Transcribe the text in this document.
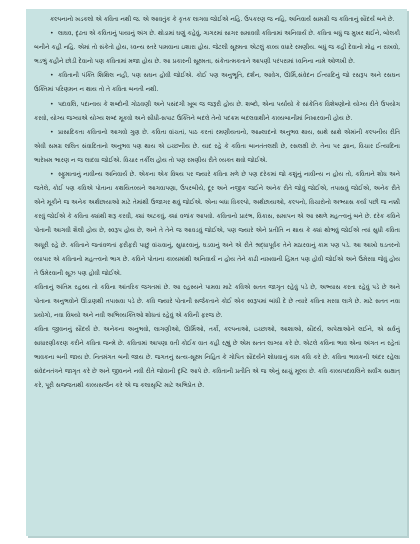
કલ્પનાનો ખડકલો એ કવિતા નથી જ. એ આવતુંક કે કૃતક લાગવા જોઈએ નહિ. ઉપકરણ જ નહિ, અનિવાર્ય સામગ્રી જ કવિતાનું સૌંદર્ય બને છે.

• લાઘવ, દૃઢતા એ કવિતાનું પાયાનું અંગ છે. થોડામાં ઘણું કહેવું, ગાગરમાં સાગર સમાવવી કવિતામાં અનિવાર્ય છે. કવિતા બધું જ મુખર થઈને, બોલકી બનીને કહી નહિ. એમાં તો સંકેતો હોય, ધ્વન્ય સ્તરે પામવાના ઇશારા હોય. જેટલી સૂક્ષ્મતા એટલું કાવ્ય વધારે રમણીય. બધું જ કહી દેવાનો મોહ ન રાખવો, ભડભું કહીને છોડી દેવાનો પણ કવિતામાં મજા હોય છે. આ પ્રકારની સૂક્ષ્મતા, સંકેતાત્મકતાને આપણી પરંપરામાં ધ્વનિના નામે ઓળખી છે.

• કવિતાની પંક્તિ શિથિલ નહી, પણ સઘન હોવી જોઈએ. કોઈ પણ અનુભૂતિ, દર્શન, આવેગ, ઊર્મિ,સંવેદન ઈત્યાદિનું જો રસરૂપ અને રસઘન ઉક્તિમાં પરિણમન ન થાય તો તે કવિતા બનતી નથી.

• પદાવલિ, પદાન્વય કે શબ્દોની ગોઠવણી અને પસંદગી ખૂબ જ જરૂરી હોય છે. શબ્દો, એના પર્યાયો કે સાંકેતિક વિશેષણોનો યોગ્ય રીતે ઉપયોગ કરવો, યોગ્ય જગ્યાએ યોગ્ય શબ્દ મૂકવો અને સીધી-સપાટ ઉક્તિને બદલે તેનો પદક્રમ બદલવાથીને કાવ્યબાનીમાં નિખારવાની હોય છે.

• પ્રાસાદિકતા કવિતાનો આગવો ગુણ છે. કવિતા વાંચતાં, પાઠ કરતાં રમણીયતાનો, આહ્લાદનો અનુભવ થાય, સાથે સાથે એમાંની કલ્પનીય રીતિ એવી સમગ્ર લલિત સંવાદિતાનો અનુભવ પણ થાય એ ઇચ્છનીય છે. યાદ રહે કે કવિતા બાનતંતલક્ષી છે, રસલક્ષી છે. તેના પર જ્ઞાન, વિચાર ઈત્યાદિના ભારેખમ ભારણ ન જ લાદવા જોઈએ. વિચાર તર્કીલ હોય તો પણ રમણીય રીતે વ્યક્ત થવો જોઈએ.

• સ્ફુમાતાનું નાવીન્ય અનિવાર્ય છે. એકના એક વિષય પર જ્યારે કવિતા મળે છે પણ દરેકમાં જો કશુંનું નાવીન્ય ન હોય તો, કવિતાને શોધ અને જતેલે, કોઈ પણ કવિએ પોતાના કથયિતવ્યને આગવાપણા, ઉપરબીયે, દૂર અને નજીક જઈને અનેક રીતે જોવું જોઈએ, તપાસવું જોઈએ, અનેક રીતે એને મૂકીને જ અનેક અર્થછાયાઓ માટે તેમાંથી ઉજાગર થવું જોઈએ. એના બધા વિકલ્પો, અર્થછાયાઓ, કલ્પનો, વિચારોનો અભ્યાસ કર્યા પછી જ નક્કી કરવું જોઈએ કે કવિતા ક્યાંથી શરૂ કરવી, ક્યાં અટકવું, ક્યાં વળાંક આપવો. કવિતાનો પ્રારંભ, વિકાસ, સમાપન એ આ સ્થળે મહત્ત્વનું બને છે. દરેક કવિને પોતાની આગવી શૈલી હોય છે, સ્વરૂપ હોય છે, અને તે તેને જ આવડવું જોઈએ, પણ જ્યારે એને પ્રતીતિ ન થાય કે ક્યાં થોભવું જોઈએ ત્યાં સુધી કવિતા અધૂરી રહે છે. કવિતાને જતાંવળતાં ફરીફરી પાછું વાંચવાનું, સુધારવાનું, ઘડવાનું અને એ રીતે શ્રદ્ધાપૂર્વક તેને મઠારવાનું કામ પણ પડે. આ આખો ઘડતરનો વ્યાપાર એ કવિતાનો મહત્ત્વનો ભાગ છે. કવિને પોતાના કાવ્યમાંથી અનિવાર્ય ન હોય તેને કાઢી નાખવાની હિંમત પણ હોવી જોઈએ અને ઉમેરવા જેવું હોય તે ઉમેરવાની સૂઝ પણ હોવી જોઈએ.

કવિતાનું અંતિમ રહસ્ય તો કવિના આંતરિક જગતમાં છે. આ રહસ્યને પામવા માટે કવિએ સતત જાગૃત રહેવું પડે છે, અભ્યાસ કરતા રહેવું પડે છે અને પોતાના અનુભવોને ઊંડાણથી તપાસવા પડે છે. કવિ જ્યારે પોતાની સર્જકતાને કોઈ એક સ્વરૂપમાં બાંધી દે છે ત્યારે કવિતા મરવા લાગે છે. માટે સતત નવા પ્રયોગો, નવા વિષયો અને નવી અભિવ્યક્તિઓ શોધતાં રહેવું એ કવિની ફરજ છે.

કવિતા જીવનનું સૌંદર્ય છે. અનેકના અનુભવો, લાગણીઓ, ઊર્મિઓ, તર્કો, કલ્પનાઓ, ઇચ્છાઓ, આશાઓ, સૌંદર્ય, અપેક્ષાઓને લઈને, એ સર્વનું સાધારણીકરણ કરીને કવિતા જન્મે છે. કવિતામાં આપણા વતી કોઈક વાત કહી રહ્યું છે એમ સતત લાગ્યા કરે છે. એટલે કવિના ભાવ એના અંગત ન રહેતાં ભાવકના બની જાય છે. નિતમંગત બની જાય છે. જગતનું સત્ય-સૂક્ષ્મ નિહિત કે ગોપિત સૌંદર્યને શોધવાનું કામ કવિ કરે છે. કવિતા ભાવકની અંદર રહેલા સંવેદનતંત્રને જાગૃત કરે છે અને જીવનને નવી રીતે જોવાની દૃષ્ટિ આપે છે. કવિતાની પ્રતીતિ એ જ એનું સાચું મૂલ્ય છે. કવિ કાવ્યપદાવલિને સર્વાંગ સાક્ષાત્ કરે, પૂરી સજ્જતાથી કાવ્યસર્જન કરે એ જ કલાસૃષ્ટિ માટે અભિપ્રેત છે.
